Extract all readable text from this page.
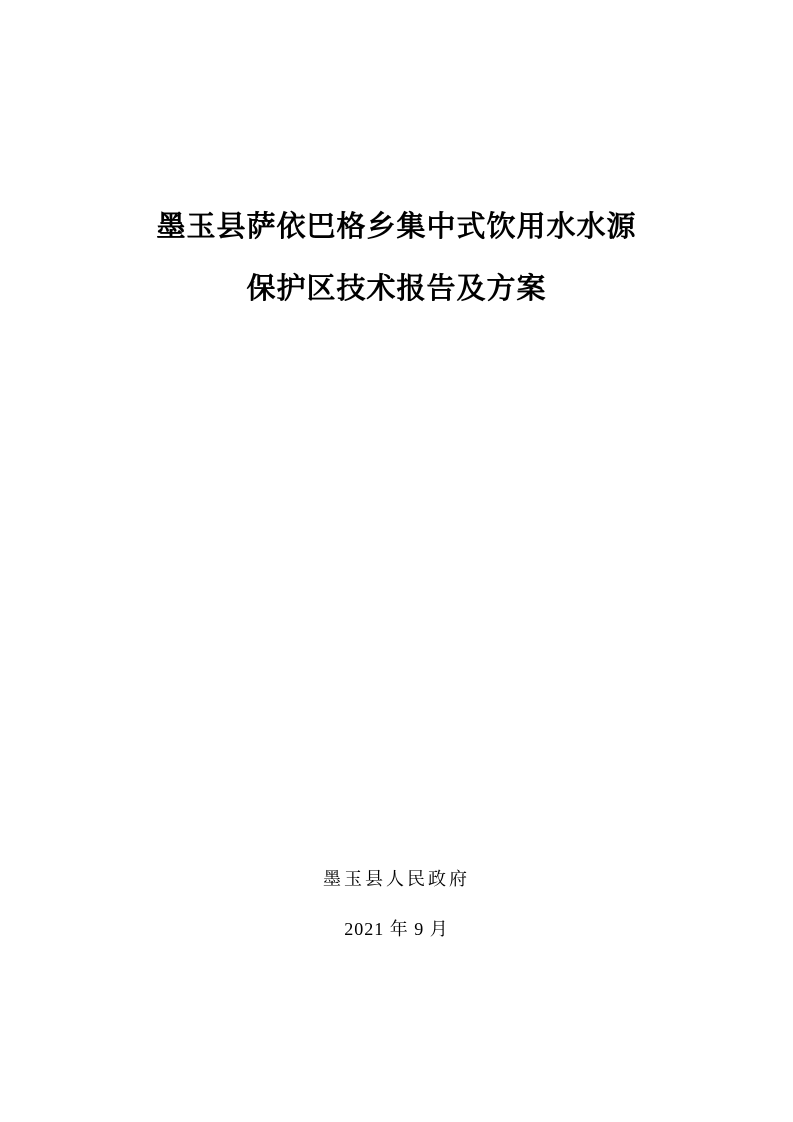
墨玉县萨依巴格乡集中式饮用水水源
保护区技术报告及方案
墨玉县人民政府
2021 年 9 月
